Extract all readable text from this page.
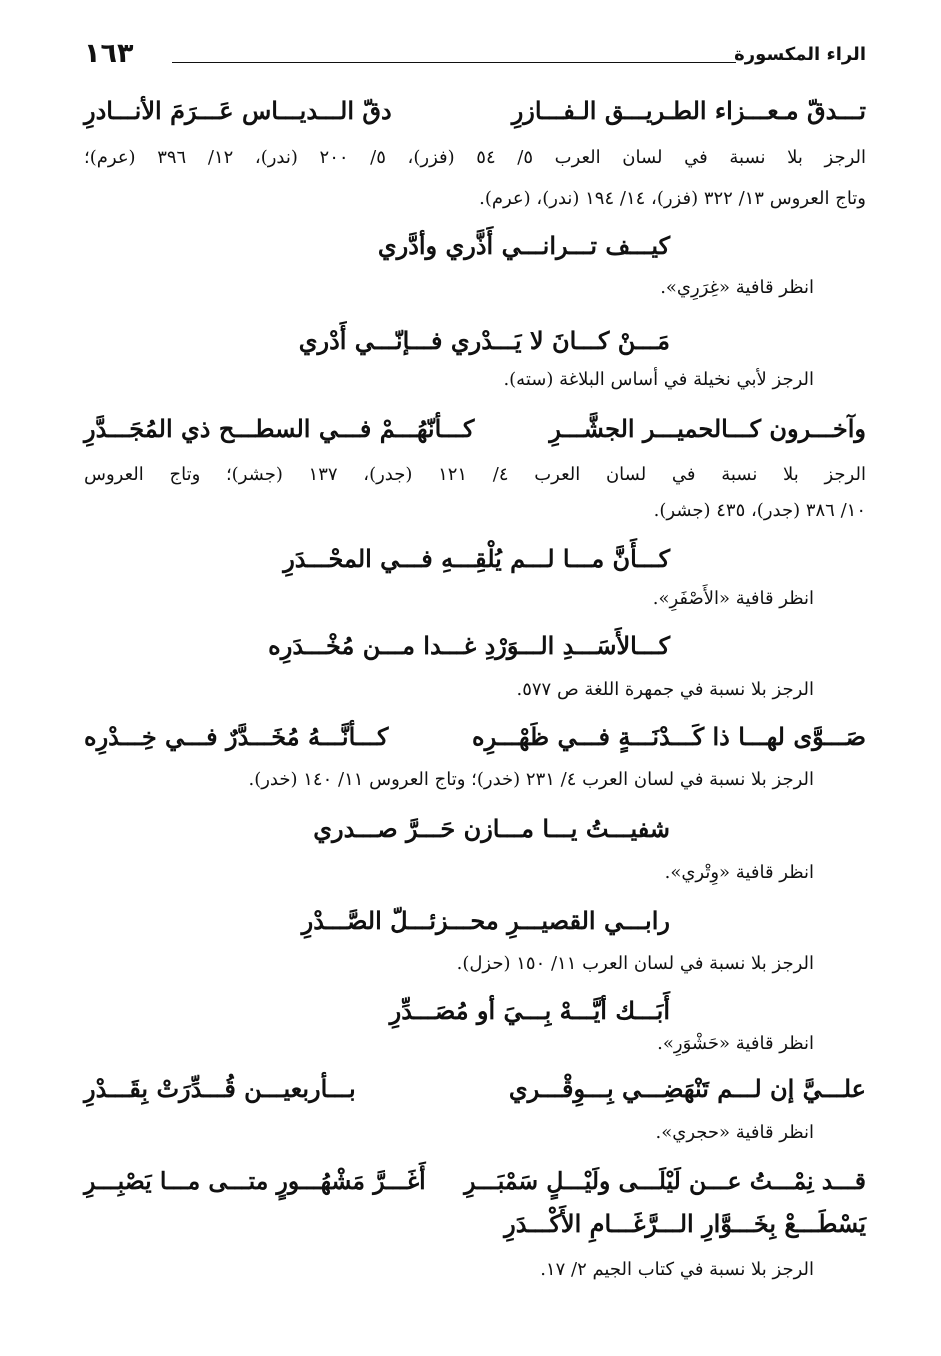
الراء المكسورة
١٦٣
تـــدقّ مـعـــزاء الطـريـــق الـفـــازرِ
دقّ الـــديـــاس عَـــرَمَ الأنـــادرِ
الرجز بلا نسبة في لسان العرب ٥/ ٥٤ (فزر)، ٥/ ٢٠٠ (ندر)، ١٢/ ٣٩٦ (عرم)؛
وتاج العروس ١٣/ ٣٢٢ (فزر)، ١٤/ ١٩٤ (ندر)، (عرم).
كيـــف تـــرانـــي أَذَّري وأدَّري
انظر قافية «غِرَرِي».
مَـــنْ كـــانَ لا يَـــدْري فـــإنّـــي أَدْري
الرجز لأبي نخيلة في أساس البلاغة (سته).
وآخـــرون كـــالحميـــر الجشَّـــرِ
كـــأنّهُـــمْ فـــي السطـــح ذي المُجَـــدَّرِ
الرجز بلا نسبة في لسان العرب ٤/ ١٢١ (جدر)، ١٣٧ (جشر)؛ وتاج العروس
١٠/ ٣٨٦ (جدر)، ٤٣٥ (جشر).
كـــأَنَّ مـــا لـــم يُلْقِـــهِ فـــي المحْـــدَرِ
انظر قافية «الأَصْفَرِ».
كـــالأَسَـــدِ الـــوَرْدِ غـــدا مـــن مُخْـــدَرِه
الرجز بلا نسبة في جمهرة اللغة ص ٥٧٧.
صَـــوَّى لهـــا ذا كَـــدْنَـــةٍ فـــي ظَهْـــرِه
كـــأنَّـــهُ مُخَـــدَّرٌ فـــي خِـــدْرِه
الرجز بلا نسبة في لسان العرب ٤/ ٢٣١ (خدر)؛ وتاج العروس ١١/ ١٤٠ (خدر).
شفيـــتُ يـــا مـــازن حَـــرَّ صـــدري
انظر قافية «وِتْري».
رابـــي القصيـــرِ محـــزئـــلّ الصَّـــدْرِ
الرجز بلا نسبة في لسان العرب ١١/ ١٥٠ (حزل).
أَبَـــك أيَّـــهْ بِـــيَ أو مُصَـــدِّرِ
انظر قافية «حَشْوَرِ».
علـــيَّ إن لـــم تَنْهَضِـــي بِـــوِقْـــري
بـــأربعيـــن قُـــدِّرَتْ بِقَـــدْرِ
انظر قافية «حجري».
قـــد نِمْـــتُ عـــن لَيْلَـــى ولَيْـــلٍ سَمْبَـــرِ
أَغَـــرَّ مَشْهُـــورٍ متـــى مـــا يَصْبِـــرِ
يَسْطَـــعْ بِخَـــوَّارِ الـــرَّغَـــامِ الأَكْـــدَرِ
الرجز بلا نسبة في كتاب الجيم ٢/ ١٧.
